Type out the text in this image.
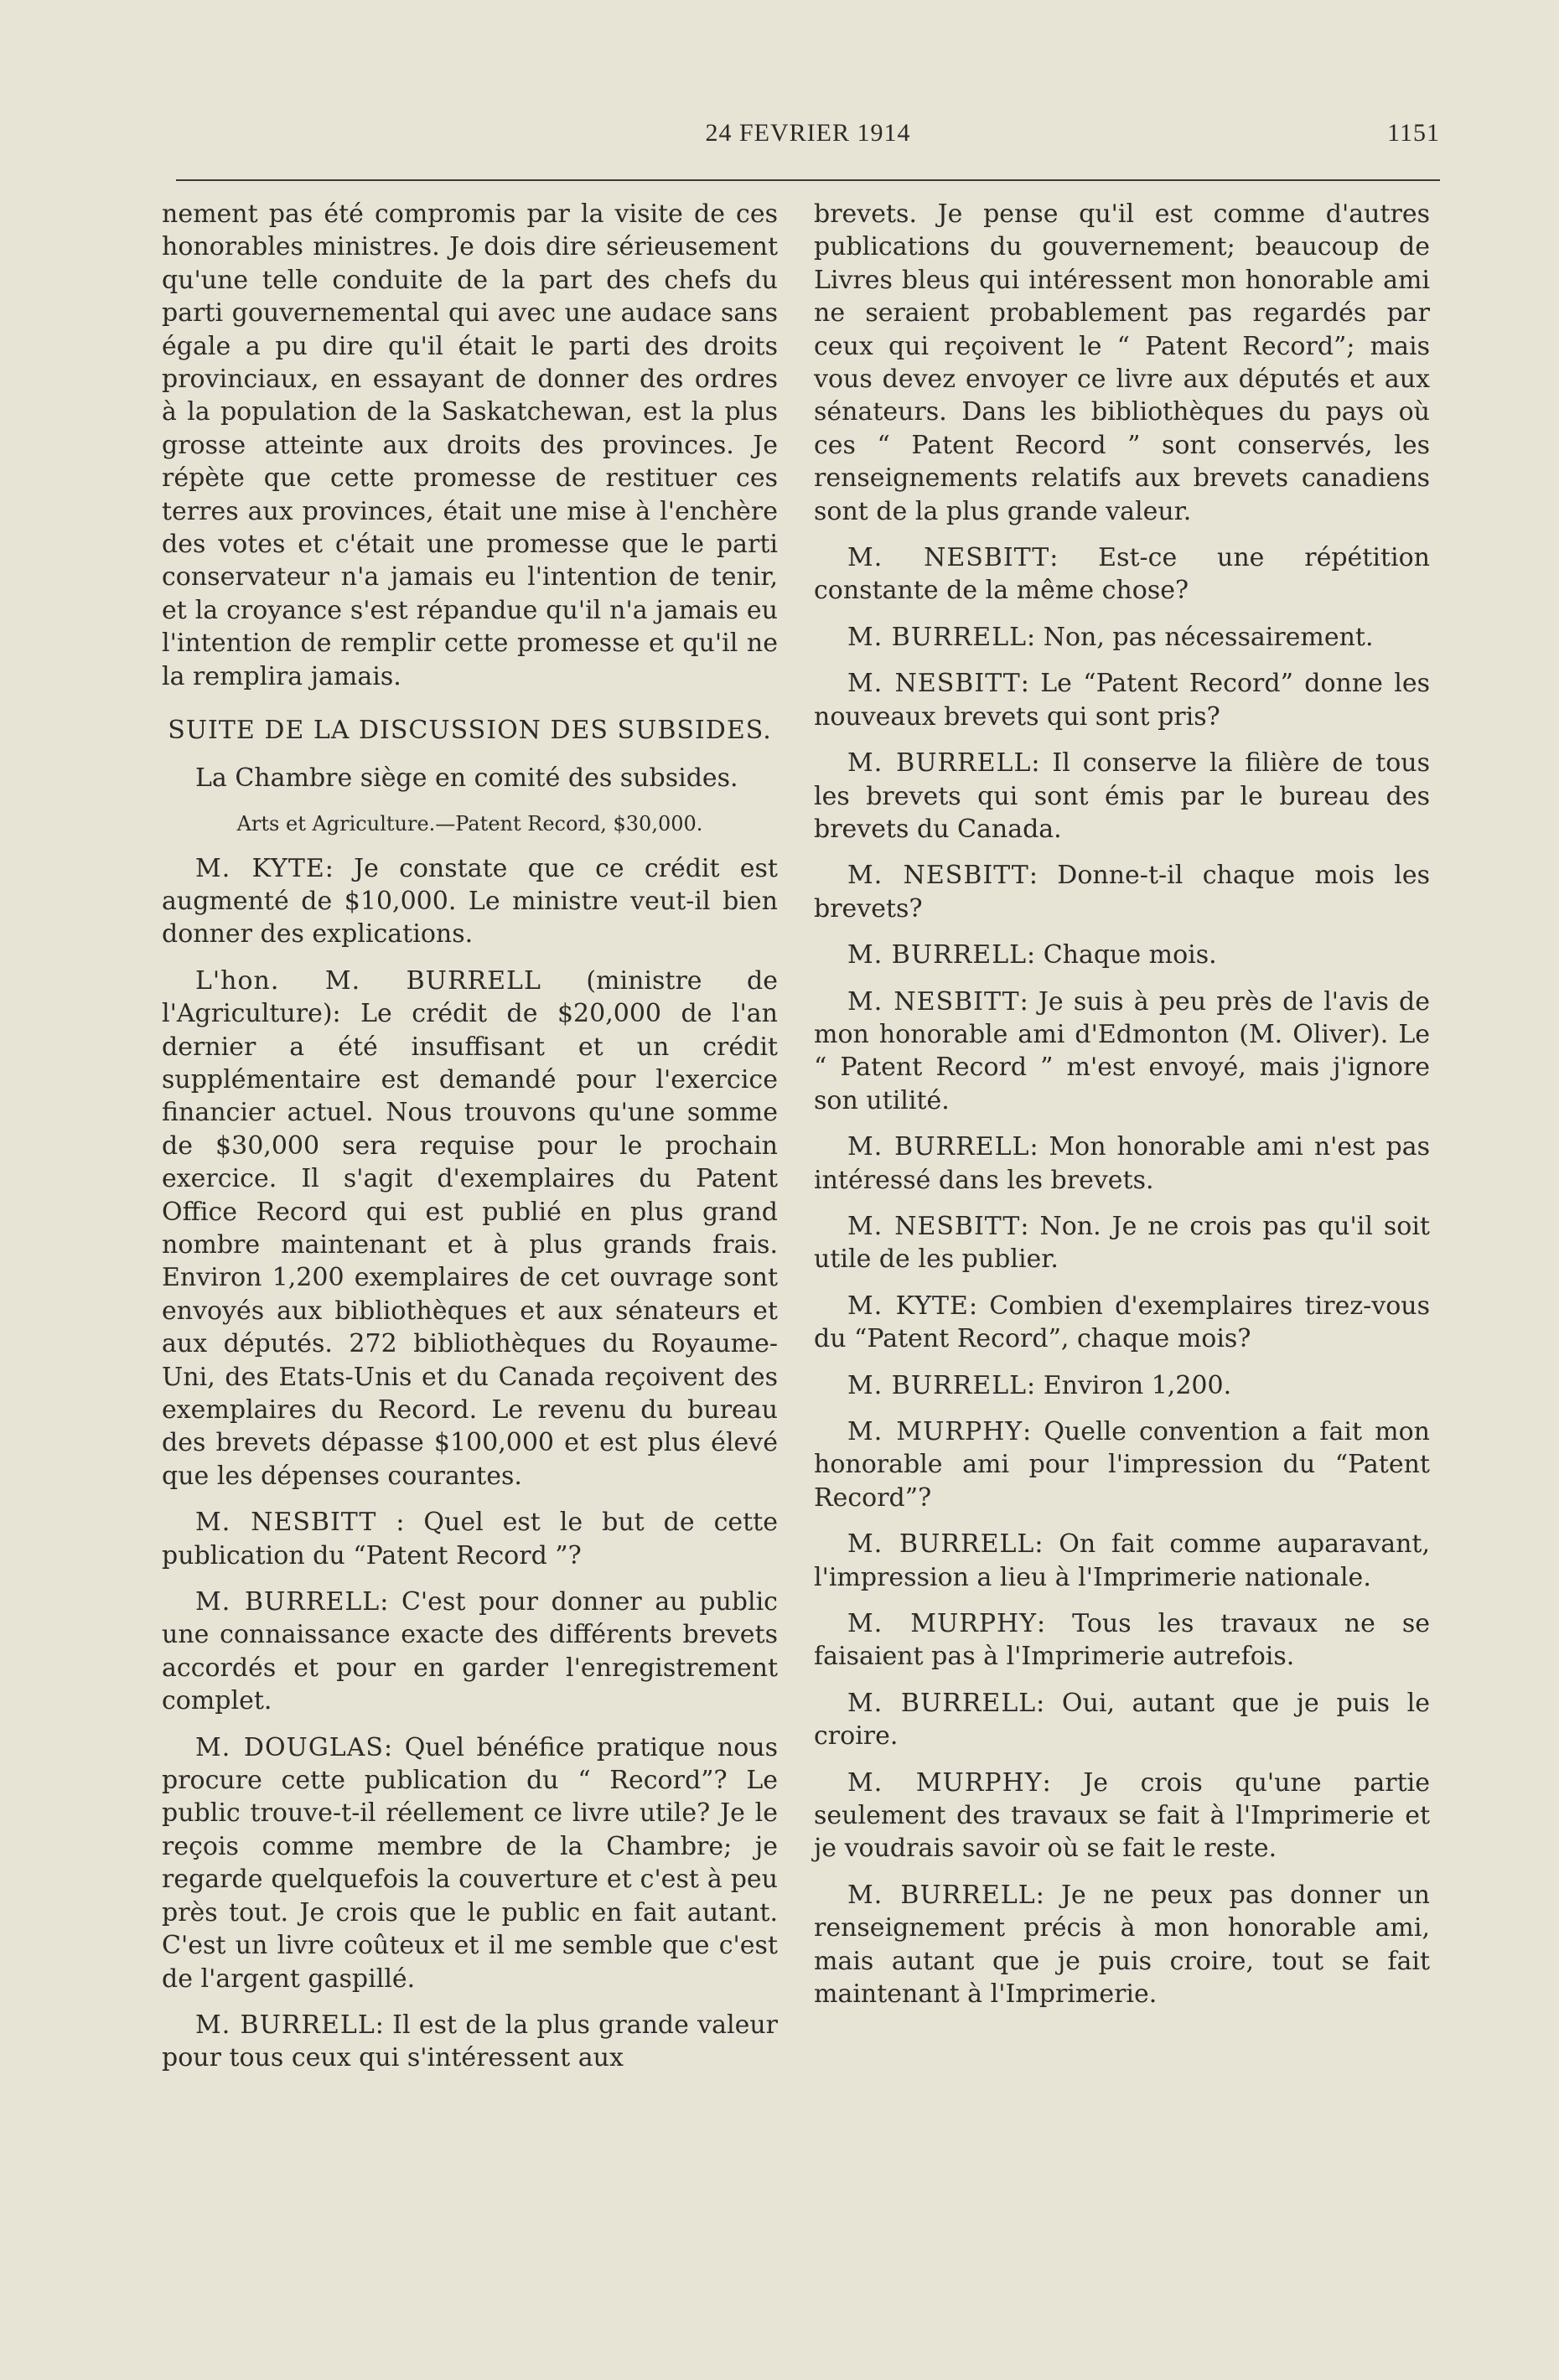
24 FEVRIER 1914	1151

nement pas été compromis par la visite de ces honorables ministres. Je dois dire sérieusement qu'une telle conduite de la part des chefs du parti gouvernemental qui avec une audace sans égale a pu dire qu'il était le parti des droits provinciaux, en essayant de donner des ordres à la population de la Saskatchewan, est la plus grosse atteinte aux droits des provinces. Je répète que cette promesse de restituer ces terres aux provinces, était une mise à l'enchère des votes et c'était une promesse que le parti conservateur n'a jamais eu l'intention de tenir, et la croyance s'est répandue qu'il n'a jamais eu l'intention de remplir cette promesse et qu'il ne la remplira jamais.

SUITE DE LA DISCUSSION DES SUBSIDES.

La Chambre siège en comité des subsides.

Arts et Agriculture.—Patent Record, $30,000.

M. KYTE: Je constate que ce crédit est augmenté de $10,000. Le ministre veut-il bien donner des explications.

L'hon. M. BURRELL (ministre de l'Agriculture): Le crédit de $20,000 de l'an dernier a été insuffisant et un crédit supplémentaire est demandé pour l'exercice financier actuel. Nous trouvons qu'une somme de $30,000 sera requise pour le prochain exercice. Il s'agit d'exemplaires du Patent Office Record qui est publié en plus grand nombre maintenant et à plus grands frais. Environ 1,200 exemplaires de cet ouvrage sont envoyés aux bibliothèques et aux sénateurs et aux députés. 272 bibliothèques du Royaume-Uni, des Etats-Unis et du Canada reçoivent des exemplaires du Record. Le revenu du bureau des brevets dépasse $100,000 et est plus élevé que les dépenses courantes.

M. NESBITT : Quel est le but de cette publication du “Patent Record ”?

M. BURRELL: C'est pour donner au public une connaissance exacte des différents brevets accordés et pour en garder l'enregistrement complet.

M. DOUGLAS: Quel bénéfice pratique nous procure cette publication du “ Record”? Le public trouve-t-il réellement ce livre utile? Je le reçois comme membre de la Chambre; je regarde quelquefois la couverture et c'est à peu près tout. Je crois que le public en fait autant. C'est un livre coûteux et il me semble que c'est de l'argent gaspillé.

M. BURRELL: Il est de la plus grande valeur pour tous ceux qui s'intéressent aux

brevets. Je pense qu'il est comme d'autres publications du gouvernement; beaucoup de Livres bleus qui intéressent mon honorable ami ne seraient probablement pas regardés par ceux qui reçoivent le “ Patent Record”; mais vous devez envoyer ce livre aux députés et aux sénateurs. Dans les bibliothèques du pays où ces “ Patent Record ” sont conservés, les renseignements relatifs aux brevets canadiens sont de la plus grande valeur.

M. NESBITT: Est-ce une répétition constante de la même chose?

M. BURRELL: Non, pas nécessairement.

M. NESBITT: Le “Patent Record” donne les nouveaux brevets qui sont pris?

M. BURRELL: Il conserve la filière de tous les brevets qui sont émis par le bureau des brevets du Canada.

M. NESBITT: Donne-t-il chaque mois les brevets?

M. BURRELL: Chaque mois.

M. NESBITT: Je suis à peu près de l'avis de mon honorable ami d'Edmonton (M. Oliver). Le “ Patent Record ” m'est envoyé, mais j'ignore son utilité.

M. BURRELL: Mon honorable ami n'est pas intéressé dans les brevets.

M. NESBITT: Non. Je ne crois pas qu'il soit utile de les publier.

M. KYTE: Combien d'exemplaires tirez-vous du “Patent Record”, chaque mois?

M. BURRELL: Environ 1,200.

M. MURPHY: Quelle convention a fait mon honorable ami pour l'impression du “Patent Record”?

M. BURRELL: On fait comme auparavant, l'impression a lieu à l'Imprimerie nationale.

M. MURPHY: Tous les travaux ne se faisaient pas à l'Imprimerie autrefois.

M. BURRELL: Oui, autant que je puis le croire.

M. MURPHY: Je crois qu'une partie seulement des travaux se fait à l'Imprimerie et je voudrais savoir où se fait le reste.

M. BURRELL: Je ne peux pas donner un renseignement précis à mon honorable ami, mais autant que je puis croire, tout se fait maintenant à l'Imprimerie.
